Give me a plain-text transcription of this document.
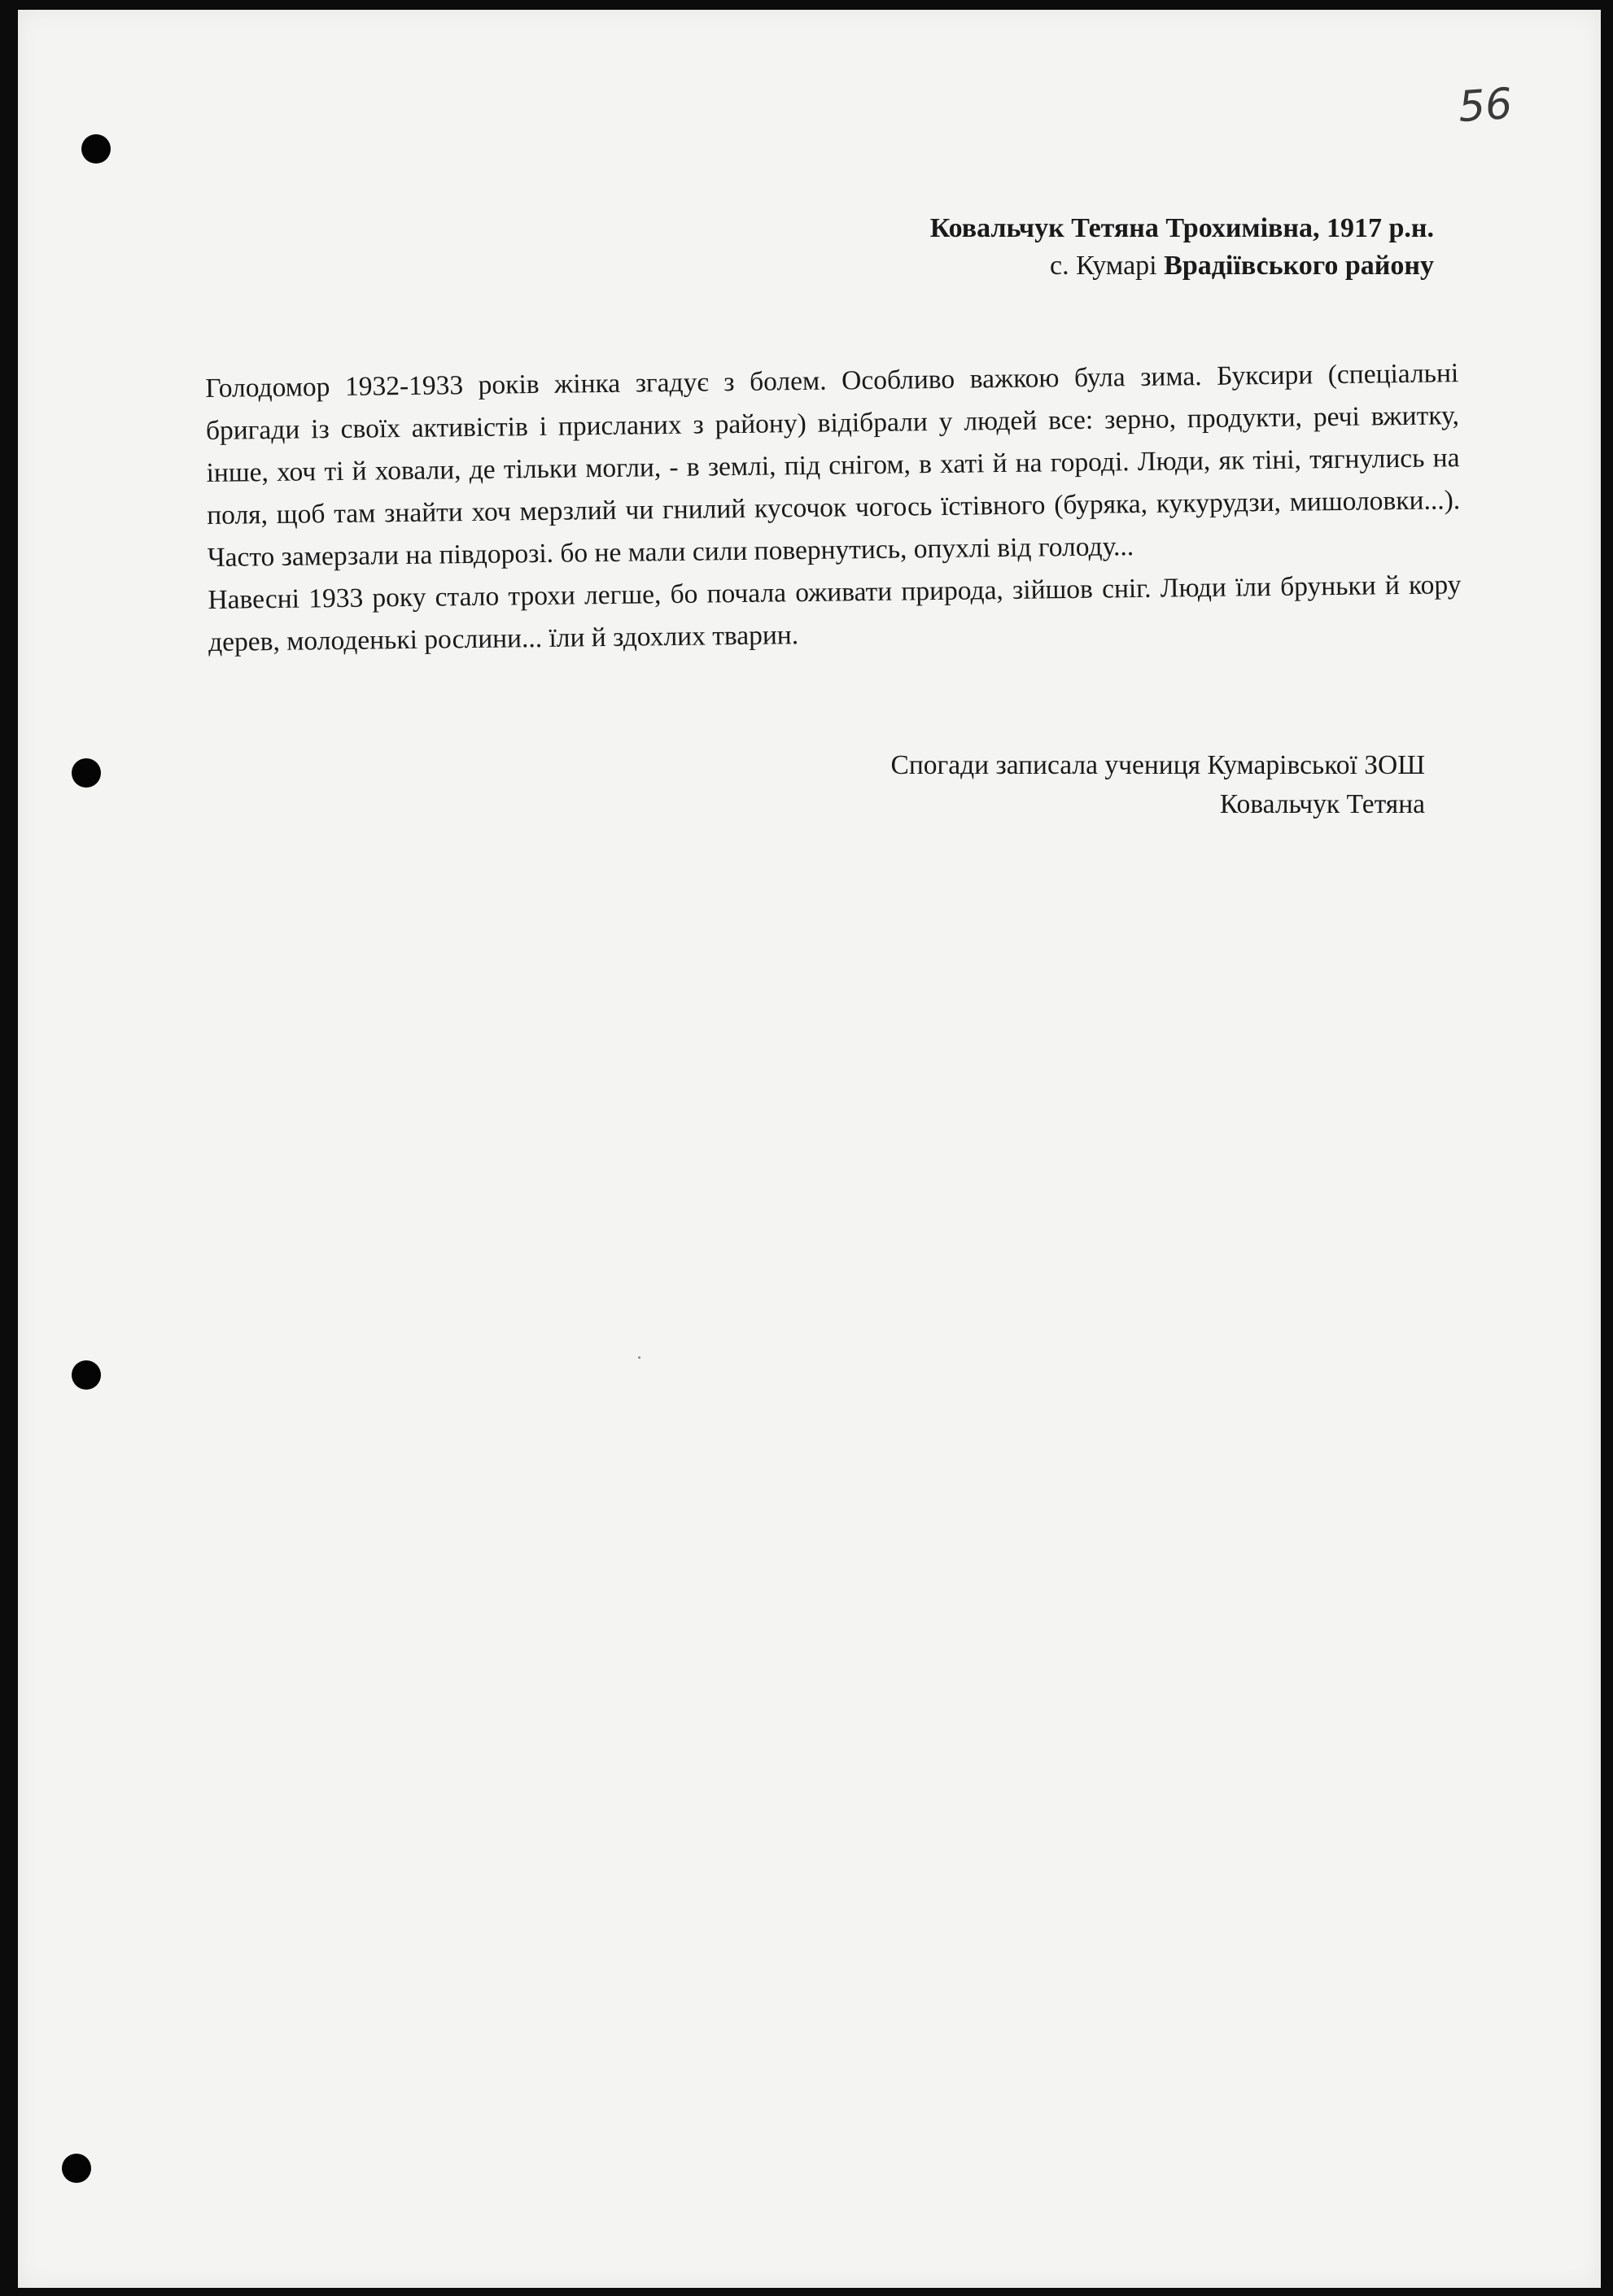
56
Ковальчук Тетяна Трохимівна, 1917 р.н.
с. Кумарі Врадіївського району

Голодомор 1932-1933 років жінка згадує з болем. Особливо важкою була зима. Буксири (спеціальні бригади із своїх активістів і присланих з району) відібрали у людей все: зерно, продукти, речі вжитку, інше, хоч ті й ховали, де тільки могли, - в землі, під снігом, в хаті й на городі. Люди, як тіні, тягнулись на поля, щоб там знайти хоч мерзлий чи гнилий кусочок чогось їстівного (буряка, кукурудзи, мишоловки...). Часто замерзали на півдорозі. бо не мали сили повернутись, опухлі від голоду...

Навесні 1933 року стало трохи легше, бо почала оживати природа, зійшов сніг. Люди їли бруньки й кору дерев, молоденькі рослини... їли й здохлих тварин.

Спогади записала учениця Кумарівської ЗОШ
Ковальчук Тетяна
